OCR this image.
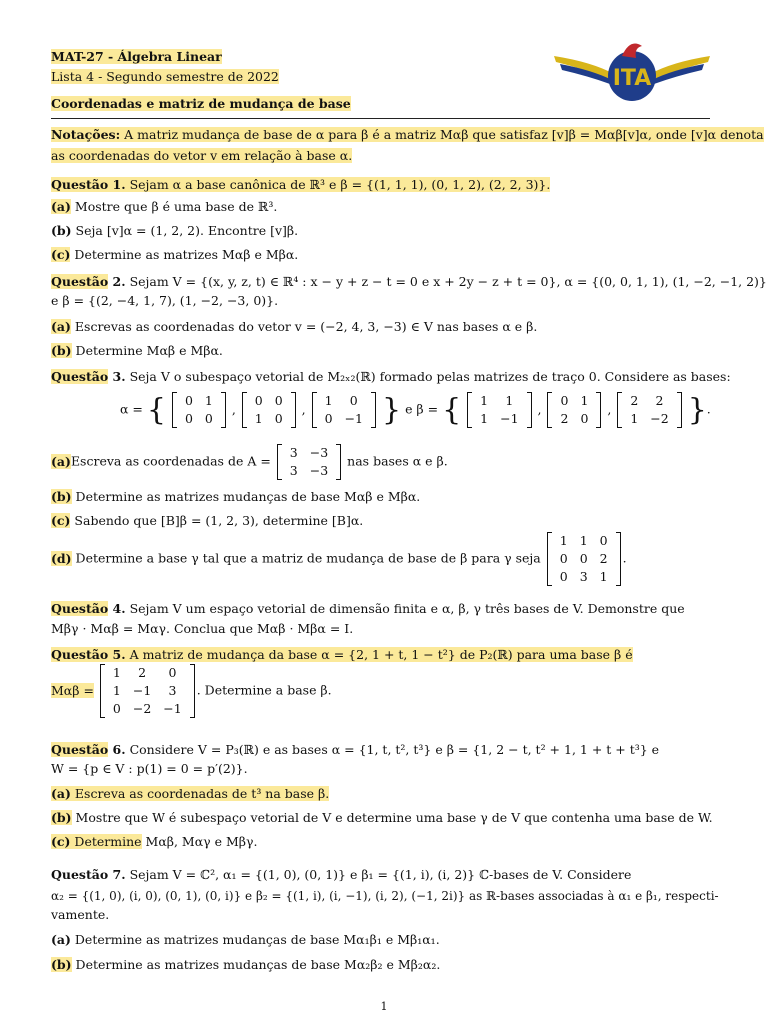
MAT-27 - Álgebra Linear
Lista 4 - Segundo semestre de 2022
Coordenadas e matriz de mudança de base
ITA
Notações: A matriz mudança de base de α para β é a matriz Mαβ que satisfaz [v]β = Mαβ[v]α, onde [v]α denota
as coordenadas do vetor v em relação à base α.
Questão 1. Sejam α a base canônica de ℝ³ e β = {(1, 1, 1), (0, 1, 2), (2, 2, 3)}.
(a) Mostre que β é uma base de ℝ³.
(b) Seja [v]α = (1, 2, 2). Encontre [v]β.
(c) Determine as matrizes Mαβ e Mβα.
Questão 2. Sejam V = {(x, y, z, t) ∈ ℝ⁴ : x − y + z − t = 0 e x + 2y − z + t = 0}, α = {(0, 0, 1, 1), (1, −2, −1, 2)}
e β = {(2, −4, 1, 7), (1, −2, −3, 0)}.
(a) Escrevas as coordenadas do vetor v = (−2, 4, 3, −3) ∈ V nas bases α e β.
(b) Determine Mαβ e Mβα.
Questão 3. Seja V o subespaço vetorial de M₂ₓ₂(ℝ) formado pelas matrizes de traço 0. Considere as bases:
α = { 0	1
0	0
,
0	0
1	0
,
1	0
0	−1 } e β = { 1	1
1	−1
,
0	1
2	0
,
2	2
1	−2 }.
(a)Escreva as coordenadas de A =
3	−3
3	−3
nas bases α e β.
(b) Determine as matrizes mudanças de base Mαβ e Mβα.
(c) Sabendo que [B]β = (1, 2, 3), determine [B]α.
(d) Determine a base γ tal que a matriz de mudança de base de β para γ seja
1	1	0
0	0	2
0	3	1
.
Questão 4. Sejam V um espaço vetorial de dimensão finita e α, β, γ três bases de V. Demonstre que
Mβγ · Mαβ = Mαγ. Conclua que Mαβ · Mβα = I.
Questão 5. A matriz de mudança da base α = {2, 1 + t, 1 − t²} de P₂(ℝ) para uma base β é
Mαβ =
1	2	0
1	−1	3
0	−2	−1
. Determine a base β.
Questão 6. Considere V = P₃(ℝ) e as bases α = {1, t, t², t³} e β = {1, 2 − t, t² + 1, 1 + t + t³} e
W = {p ∈ V : p(1) = 0 = p′(2)}.
(a) Escreva as coordenadas de t³ na base β.
(b) Mostre que W é subespaço vetorial de V e determine uma base γ de V que contenha uma base de W.
(c) Determine Mαβ, Mαγ e Mβγ.
Questão 7. Sejam V = ℂ², α₁ = {(1, 0), (0, 1)} e β₁ = {(1, i), (i, 2)} ℂ-bases de V. Considere
α₂ = {(1, 0), (i, 0), (0, 1), (0, i)} e β₂ = {(1, i), (i, −1), (i, 2), (−1, 2i)} as ℝ-bases associadas à α₁ e β₁, respecti-
vamente.
(a) Determine as matrizes mudanças de base Mα₁β₁ e Mβ₁α₁.
(b) Determine as matrizes mudanças de base Mα₂β₂ e Mβ₂α₂.
1
